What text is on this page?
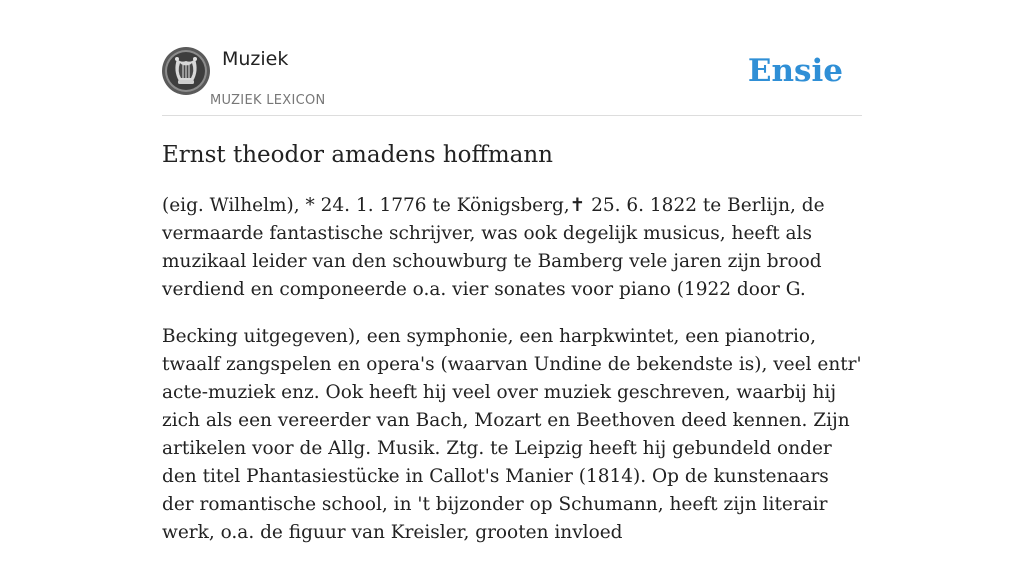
Muziek
MUZIEK LEXICON
Ensie
Ernst theodor amadens hoffmann

(eig. Wilhelm), * 24. 1. 1776 te Königsberg,✝ 25. 6. 1822 te Berlijn, de vermaarde fantastische schrijver, was ook degelijk musicus, heeft als muzikaal leider van den schouwburg te Bamberg vele jaren zijn brood verdiend en componeerde o.a. vier sonates voor piano (1922 door G.

Becking uitgegeven), een symphonie, een harpkwintet, een pianotrio, twaalf zangspelen en opera's (waarvan Undine de bekendste is), veel entr' acte-muziek enz. Ook heeft hij veel over muziek geschreven, waarbij hij zich als een vereerder van Bach, Mozart en Beethoven deed kennen. Zijn artikelen voor de Allg. Musik. Ztg. te Leipzig heeft hij gebundeld onder den titel Phantasiestücke in Callot's Manier (1814). Op de kunstenaars der romantische school, in 't bijzonder op Schumann, heeft zijn literair werk, o.a. de figuur van Kreisler, grooten invloed
